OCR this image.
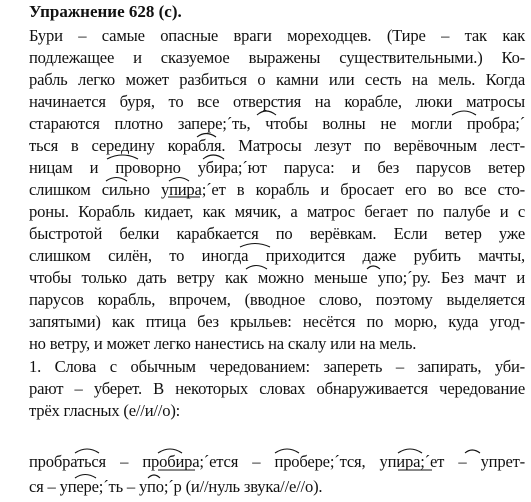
Упражнение 628 (с).
Бури – самые опасные враги мореходцев. (Тире – так как
подлежащее и сказуемое выражены существительными.) Ко-
рабль легко может разбиться о камни или сесть на мель. Когда
начинается буря, то все отверстия на корабле, люки матросы
стараются плотно запере;´ть, чтобы волны не могли пробра;´
ться в середину корабля. Матросы лезут по верёвочным лест-
ницам и проворно убира;´ют паруса: и без парусов ветер
слишком сильно упира;´ет в корабль и бросает его во все сто-
роны. Корабль кидает, как мячик, а матрос бегает по палубе и с
быстротой белки карабкается по верёвкам. Если ветер уже
слишком силён, то иногда приходится даже рубить мачты,
чтобы только дать ветру как можно меньше упо;´ру. Без мачт и
парусов корабль, впрочем, (вводное слово, поэтому выделяется
запятыми) как птица без крыльев: несётся по морю, куда угод-
но ветру, и может легко нанестись на скалу или на мель.
1. Слова с обычным чередованием: запереть – запирать, уби-
рают – уберет. В некоторых словах обнаруживается чередование
трёх гласных (е//и//о):
пробраться – пробира;´ется – пробере;´тся, упира;´ет – упрет-
ся – упере;´ть – упо;´р (и//нуль звука//е//о).
